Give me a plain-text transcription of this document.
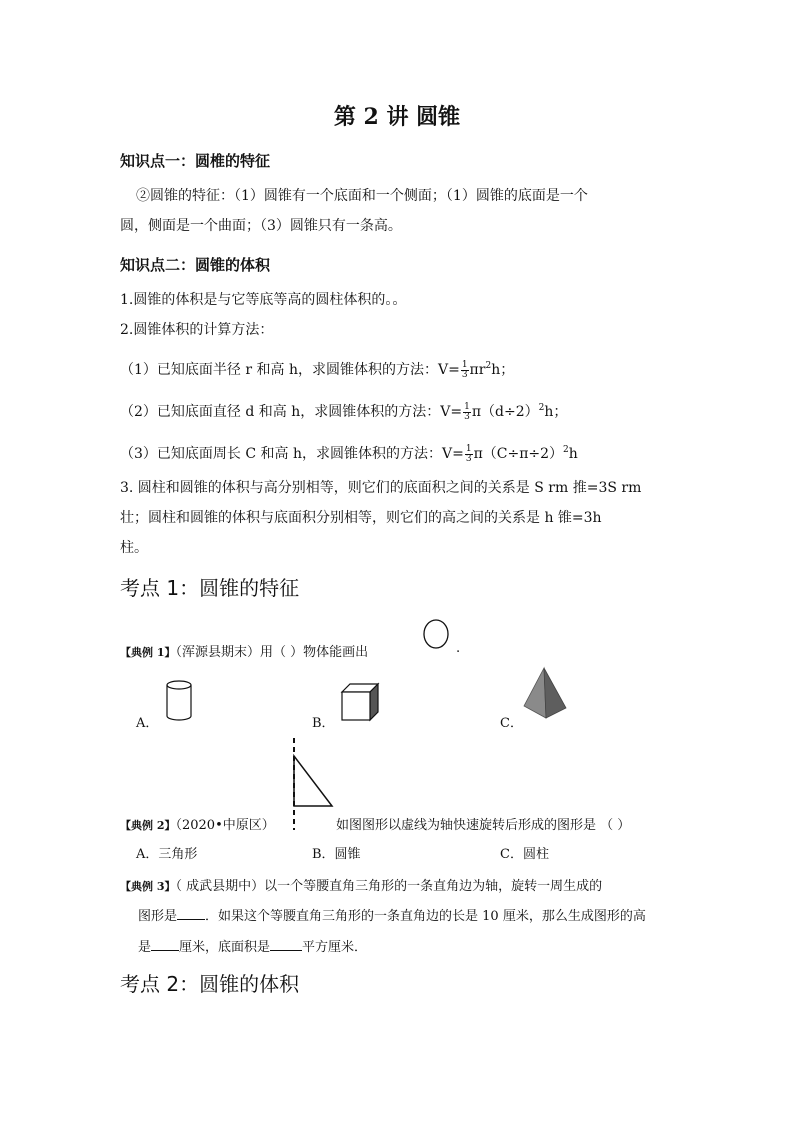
第 2 讲 圆锥
知识点一：圆椎的特征
②圆锥的特征：（1）圆锥有一个底面和一个侧面；（1）圆锥的底面是一个
圆，侧面是一个曲面；（3）圆锥只有一条高。
知识点二：圆锥的体积
1.圆锥的体积是与它等底等高的圆柱体积的。。
2.圆锥体积的计算方法：
（1）已知底面半径 r 和高 h，求圆锥体积的方法：$V= \frac{1}{3} \pi r^2h$；
（2）已知底面直径 d 和高 h，求圆锥体积的方法：$V= \frac{1}{3} \pi(d\div 2)^2h$；
（3）已知底面周长 C 和高 h，求圆锥体积的方法：$V= \frac{1}{3} \pi(C\div\pi\div 2)^2h$
3. 圆柱和圆锥的体积与高分别相等，则它们的底面积之间的关系是 S rm 推=3S rm
壮；圆柱和圆锥的体积与底面积分别相等，则它们的高之间的关系是 h 锥=3h
柱。
考点 1：圆锥的特征
【典例 1】（浑源县期末）用（ ）物体能画出	.
A．	B．	C．
【典例 2】（2020•中原区）	如图图形以虚线为轴快速旋转后形成的图形是 （ ）
A．三角形	B．圆锥	C．圆柱
【典例 3】（ 成武县期中）以一个等腰直角三角形的一条直角边为轴，旋转一周生成的
图形是 ．如果这个等腰直角三角形的一条直角边的长是 10 厘米，那么生成图形的高
是 厘米，底面积是 平方厘米．
考点 2：圆锥的体积
